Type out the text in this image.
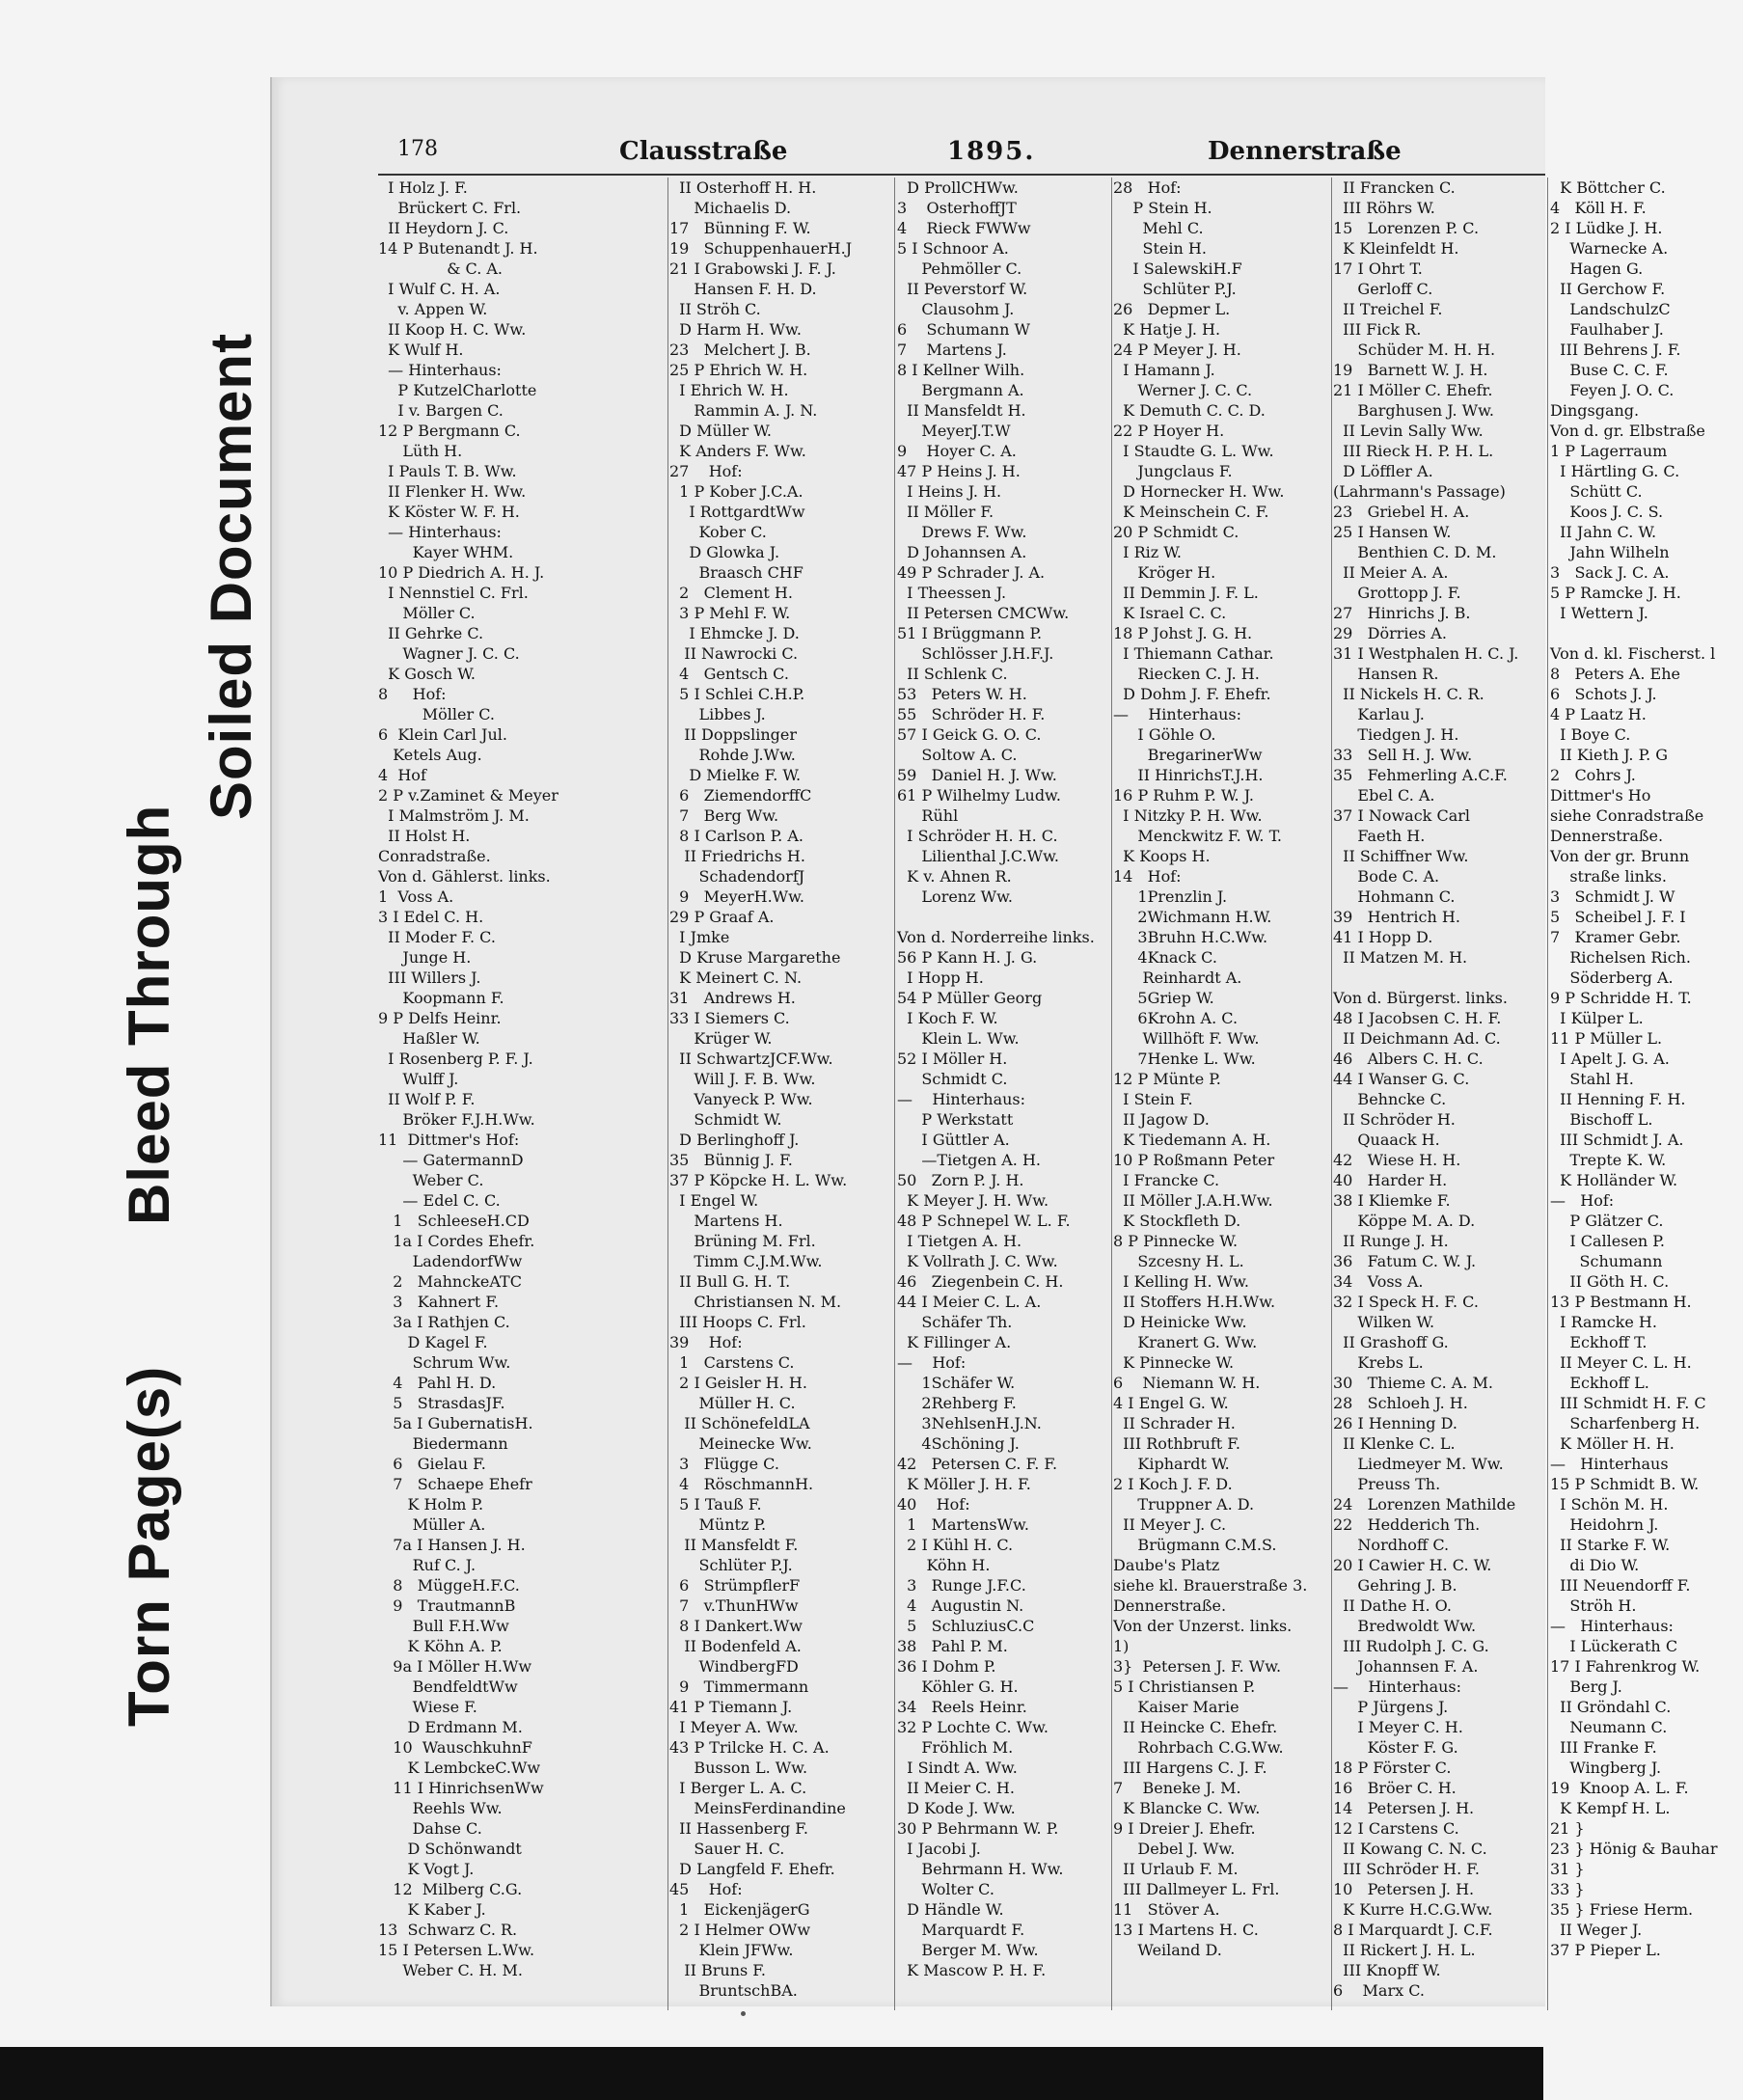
Torn Page(s)
Bleed Through
Soiled Document
178	Clausstraße	1895.	Dennerstraße
I Holz J. F.
Brückert C. Frl.
II Heydorn J. C.
14 P Butenandt J. H.
& C. A.
I Wulf C. H. A.
v. Appen W.
II Koop H. C. Ww.
K Wulf H.
— Hinterhaus:
P KutzelCharlotte
I v. Bargen C.
12 P Bergmann C.
Lüth H.
I Pauls T. B. Ww.
II Flenker H. Ww.
K Köster W. F. H.
— Hinterhaus:
Kayer WHM.
10 P Diedrich A. H. J.
I Nennstiel C. Frl.
Möller C.
II Gehrke C.
Wagner J. C. C.
K Gosch W.
8     Hof:
Möller C.
6  Klein Carl Jul.
Ketels Aug.
4  Hof
2 P v.Zaminet & Meyer
I Malmström J. M.
II Holst H.
Conradstraße.
Von d. Gählerst. links.
1  Voss A.
3 I Edel C. H.
II Moder F. C.
Junge H.
III Willers J.
Koopmann F.
9 P Delfs Heinr.
Haßler W.
I Rosenberg P. F. J.
Wulff J.
II Wolf P. F.
Bröker F.J.H.Ww.
11  Dittmer's Hof:
— GatermannD
Weber C.
— Edel C. C.
1   SchleeseH.CD
1a I Cordes Ehefr.
LadendorfWw
2   MahnckeATC
3   Kahnert F.
3a I Rathjen C.
D Kagel F.
Schrum Ww.
4   Pahl H. D.
5   StrasdasJF.
5a I GubernatisH.
Biedermann
6   Gielau F.
7   Schaepe Ehefr
K Holm P.
Müller A.
7a I Hansen J. H.
Ruf C. J.
8   MüggeH.F.C.
9   TrautmannB
Bull F.H.Ww
K Köhn A. P.
9a I Möller H.Ww
BendfeldtWw
Wiese F.
D Erdmann M.
10  WauschkuhnF
K LembckeC.Ww
11 I HinrichsenWw
Reehls Ww.
Dahse C.
D Schönwandt
K Vogt J.
12  Milberg C.G.
K Kaber J.
13  Schwarz C. R.
15 I Petersen L.Ww.
Weber C. H. M.
II Osterhoff H. H.
Michaelis D.
17   Bünning F. W.
19   SchuppenhauerH.J
21 I Grabowski J. F. J.
Hansen F. H. D.
II Ströh C.
D Harm H. Ww.
23   Melchert J. B.
25 P Ehrich W. H.
I Ehrich W. H.
Rammin A. J. N.
D Müller W.
K Anders F. Ww.
27    Hof:
1 P Kober J.C.A.
I RottgardtWw
Kober C.
D Glowka J.
Braasch CHF
2   Clement H.
3 P Mehl F. W.
I Ehmcke J. D.
II Nawrocki C.
4   Gentsch C.
5 I Schlei C.H.P.
Libbes J.
II Doppslinger
Rohde J.Ww.
D Mielke F. W.
6   ZiemendorffC
7   Berg Ww.
8 I Carlson P. A.
II Friedrichs H.
SchadendorfJ
9   MeyerH.Ww.
29 P Graaf A.
I Jmke
D Kruse Margarethe
K Meinert C. N.
31   Andrews H.
33 I Siemers C.
Krüger W.
II SchwartzJCF.Ww.
Will J. F. B. Ww.
Vanyeck P. Ww.
Schmidt W.
D Berlinghoff J.
35   Bünnig J. F.
37 P Köpcke H. L. Ww.
I Engel W.
Martens H.
Brüning M. Frl.
Timm C.J.M.Ww.
II Bull G. H. T.
Christiansen N. M.
III Hoops C. Frl.
39    Hof:
1   Carstens C.
2 I Geisler H. H.
Müller H. C.
II SchönefeldLA
Meinecke Ww.
3   Flügge C.
4   RöschmannH.
5 I Tauß F.
Müntz P.
II Mansfeldt F.
Schlüter P.J.
6   StrümpflerF
7   v.ThunHWw
8 I Dankert.Ww
II Bodenfeld A.
WindbergFD
9   Timmermann
41 P Tiemann J.
I Meyer A. Ww.
43 P Trilcke H. C. A.
Busson L. Ww.
I Berger L. A. C.
MeinsFerdinandine
II Hassenberg F.
Sauer H. C.
D Langfeld F. Ehefr.
45    Hof:
1   EickenjägerG
2 I Helmer OWw
Klein JFWw.
II Bruns F.
BruntschBA.
D ProllCHWw.
3    OsterhoffJT
4    Rieck FWWw
5 I Schnoor A.
Pehmöller C.
II Peverstorf W.
Clausohm J.
6    Schumann W
7    Martens J.
8 I Kellner Wilh.
Bergmann A.
II Mansfeldt H.
MeyerJ.T.W
9    Hoyer C. A.
47 P Heins J. H.
I Heins J. H.
II Möller F.
Drews F. Ww.
D Johannsen A.
49 P Schrader J. A.
I Theessen J.
II Petersen CMCWw.
51 I Brüggmann P.
Schlösser J.H.F.J.
II Schlenk C.
53   Peters W. H.
55   Schröder H. F.
57 I Geick G. O. C.
Soltow A. C.
59   Daniel H. J. Ww.
61 P Wilhelmy Ludw.
Rühl
I Schröder H. H. C.
Lilienthal J.C.Ww.
K v. Ahnen R.
Lorenz Ww.
Von d. Norderreihe links.
56 P Kann H. J. G.
I Hopp H.
54 P Müller Georg
I Koch F. W.
Klein L. Ww.
52 I Möller H.
Schmidt C.
—    Hinterhaus:
P Werkstatt
I Güttler A.
—Tietgen A. H.
50   Zorn P. J. H.
K Meyer J. H. Ww.
48 P Schnepel W. L. F.
I Tietgen A. H.
K Vollrath J. C. Ww.
46   Ziegenbein C. H.
44 I Meier C. L. A.
Schäfer Th.
K Fillinger A.
—    Hof:
1Schäfer W.
2Rehberg F.
3NehlsenH.J.N.
4Schöning J.
42   Petersen C. F. F.
K Möller J. H. F.
40    Hof:
1   MartensWw.
2 I Kühl H. C.
Köhn H.
3   Runge J.F.C.
4   Augustin N.
5   SchluziusC.C
38   Pahl P. M.
36 I Dohm P.
Köhler G. H.
34   Reels Heinr.
32 P Lochte C. Ww.
Fröhlich M.
I Sindt A. Ww.
II Meier C. H.
D Kode J. Ww.
30 P Behrmann W. P.
I Jacobi J.
Behrmann H. Ww.
Wolter C.
D Händle W.
Marquardt F.
Berger M. Ww.
K Mascow P. H. F.
28   Hof:
P Stein H.
Mehl C.
Stein H.
I SalewskiH.F
Schlüter P.J.
26   Depmer L.
K Hatje J. H.
24 P Meyer J. H.
I Hamann J.
Werner J. C. C.
K Demuth C. C. D.
22 P Hoyer H.
I Staudte G. L. Ww.
Jungclaus F.
D Hornecker H. Ww.
K Meinschein C. F.
20 P Schmidt C.
I Riz W.
Kröger H.
II Demmin J. F. L.
K Israel C. C.
18 P Johst J. G. H.
I Thiemann Cathar.
Riecken C. J. H.
D Dohm J. F. Ehefr.
—    Hinterhaus:
I Göhle O.
BregarinerWw
II HinrichsT.J.H.
16 P Ruhm P. W. J.
I Nitzky P. H. Ww.
Menckwitz F. W. T.
K Koops H.
14   Hof:
1Prenzlin J.
2Wichmann H.W.
3Bruhn H.C.Ww.
4Knack C.
Reinhardt A.
5Griep W.
6Krohn A. C.
Willhöft F. Ww.
7Henke L. Ww.
12 P Münte P.
I Stein F.
II Jagow D.
K Tiedemann A. H.
10 P Roßmann Peter
I Francke C.
II Möller J.A.H.Ww.
K Stockfleth D.
8 P Pinnecke W.
Szcesny H. L.
I Kelling H. Ww.
II Stoffers H.H.Ww.
D Heinicke Ww.
Kranert G. Ww.
K Pinnecke W.
6    Niemann W. H.
4 I Engel G. W.
II Schrader H.
III Rothbruft F.
Kiphardt W.
2 I Koch J. F. D.
Truppner A. D.
II Meyer J. C.
Brügmann C.M.S.
Daube's Platz
siehe kl. Brauerstraße 3.
Dennerstraße.
Von der Unzerst. links.
1)
3}  Petersen J. F. Ww.
5 I Christiansen P.
Kaiser Marie
II Heincke C. Ehefr.
Rohrbach C.G.Ww.
III Hargens C. J. F.
7    Beneke J. M.
K Blancke C. Ww.
9 I Dreier J. Ehefr.
Debel J. Ww.
II Urlaub F. M.
III Dallmeyer L. Frl.
11   Stöver A.
13 I Martens H. C.
Weiland D.
II Francken C.
III Röhrs W.
15   Lorenzen P. C.
K Kleinfeldt H.
17 I Ohrt T.
Gerloff C.
II Treichel F.
III Fick R.
Schüder M. H. H.
19   Barnett W. J. H.
21 I Möller C. Ehefr.
Barghusen J. Ww.
II Levin Sally Ww.
III Rieck H. P. H. L.
D Löffler A.
(Lahrmann's Passage)
23   Griebel H. A.
25 I Hansen W.
Benthien C. D. M.
II Meier A. A.
Grottopp J. F.
27   Hinrichs J. B.
29   Dörries A.
31 I Westphalen H. C. J.
Hansen R.
II Nickels H. C. R.
Karlau J.
Tiedgen J. H.
33   Sell H. J. Ww.
35   Fehmerling A.C.F.
Ebel C. A.
37 I Nowack Carl
Faeth H.
II Schiffner Ww.
Bode C. A.
Hohmann C.
39   Hentrich H.
41 I Hopp D.
II Matzen M. H.
Von d. Bürgerst. links.
48 I Jacobsen C. H. F.
II Deichmann Ad. C.
46   Albers C. H. C.
44 I Wanser G. C.
Behncke C.
II Schröder H.
Quaack H.
42   Wiese H. H.
40   Harder H.
38 I Kliemke F.
Köppe M. A. D.
II Runge J. H.
36   Fatum C. W. J.
34   Voss A.
32 I Speck H. F. C.
Wilken W.
II Grashoff G.
Krebs L.
30   Thieme C. A. M.
28   Schloeh J. H.
26 I Henning D.
II Klenke C. L.
Liedmeyer M. Ww.
Preuss Th.
24   Lorenzen Mathilde
22   Hedderich Th.
Nordhoff C.
20 I Cawier H. C. W.
Gehring J. B.
II Dathe H. O.
Bredwoldt Ww.
III Rudolph J. C. G.
Johannsen F. A.
—    Hinterhaus:
P Jürgens J.
I Meyer C. H.
Köster F. G.
18 P Förster C.
16   Bröer C. H.
14   Petersen J. H.
12 I Carstens C.
II Kowang C. N. C.
III Schröder H. F.
10   Petersen J. H.
K Kurre H.C.G.Ww.
8 I Marquardt J. C.F.
II Rickert J. H. L.
III Knopff W.
6    Marx C.
K Böttcher C.
4   Köll H. F.
2 I Lüdke J. H.
Warnecke A.
Hagen G.
II Gerchow F.
LandschulzC
Faulhaber J.
III Behrens J. F.
Buse C. C. F.
Feyen J. O. C.
Dingsgang.
Von d. gr. Elbstraße
1 P Lagerraum
I Härtling G. C.
Schütt C.
Koos J. C. S.
II Jahn C. W.
Jahn Wilheln
3   Sack J. C. A.
5 P Ramcke J. H.
I Wettern J.
Von d. kl. Fischerst. l
8   Peters A. Ehe
6   Schots J. J.
4 P Laatz H.
I Boye C.
II Kieth J. P. G
2   Cohrs J.
Dittmer's Ho
siehe Conradstraße
Dennerstraße.
Von der gr. Brunn
straße links.
3   Schmidt J. W
5   Scheibel J. F. I
7   Kramer Gebr.
Richelsen Rich.
Söderberg A.
9 P Schridde H. T.
I Külper L.
11 P Müller L.
I Apelt J. G. A.
Stahl H.
II Henning F. H.
Bischoff L.
III Schmidt J. A.
Trepte K. W.
K Holländer W.
—   Hof:
P Glätzer C.
I Callesen P.
Schumann
II Göth H. C.
13 P Bestmann H.
I Ramcke H.
Eckhoff T.
II Meyer C. L. H.
Eckhoff L.
III Schmidt H. F. C
Scharfenberg H.
K Möller H. H.
—   Hinterhaus
15 P Schmidt B. W.
I Schön M. H.
Heidohrn J.
II Starke F. W.
di Dio W.
III Neuendorff F.
Ströh H.
—   Hinterhaus:
I Lückerath C
17 I Fahrenkrog W.
Berg J.
II Gröndahl C.
Neumann C.
III Franke F.
Wingberg J.
19  Knoop A. L. F.
K Kempf H. L.
21 }
23 } Hönig & Bauhar
31 }
33 }
35 } Friese Herm.
II Weger J.
37 P Pieper L.
